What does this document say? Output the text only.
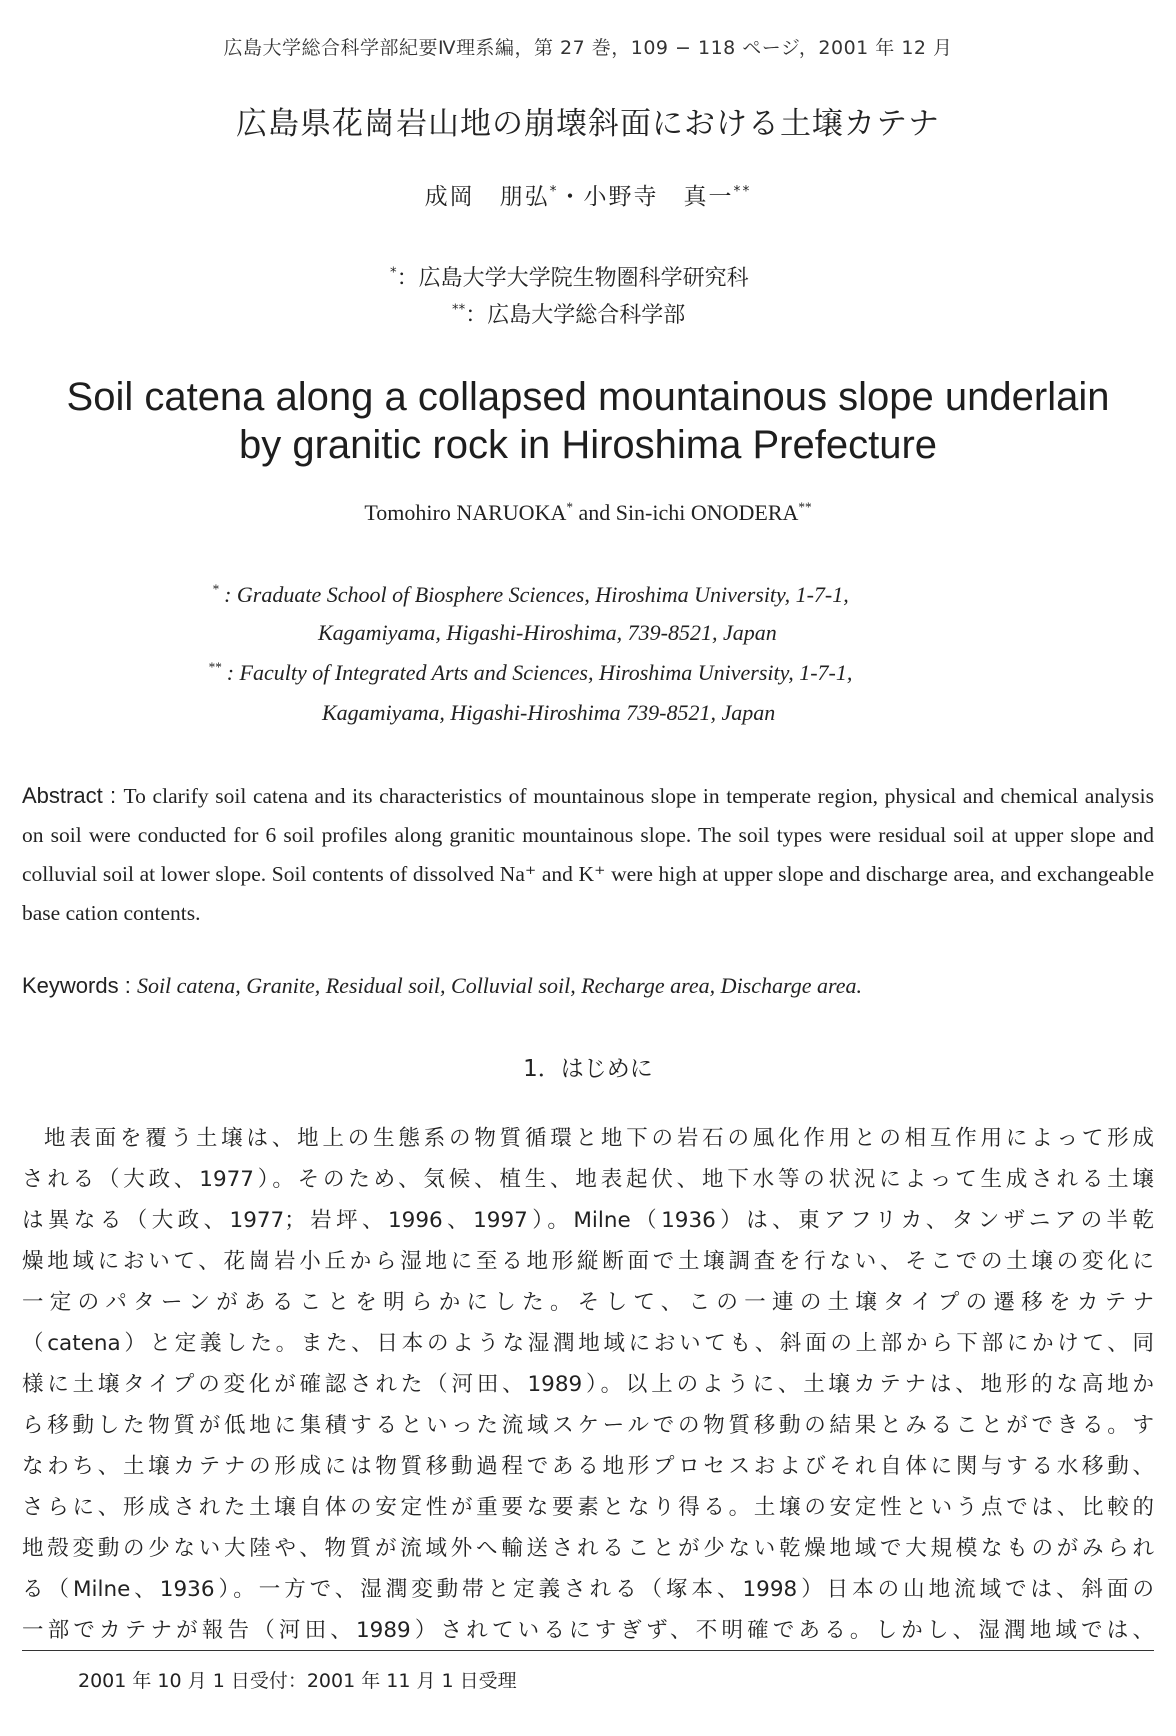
広島大学総合科学部紀要Ⅳ理系編，第 27 巻，109 − 118 ページ，2001 年 12 月
広島県花崗岩山地の崩壊斜面における土壌カテナ
成岡　朋弘*・小野寺　真一**
*：広島大学大学院生物圏科学研究科
**：広島大学総合科学部
Soil catena along a collapsed mountainous slope underlain
by granitic rock in Hiroshima Prefecture
Tomohiro NARUOKA* and Sin-ichi ONODERA**
* : Graduate School of Biosphere Sciences, Hiroshima University, 1-7-1,
Kagamiyama, Higashi-Hiroshima, 739-8521, Japan
** : Faculty of Integrated Arts and Sciences, Hiroshima University, 1-7-1,
Kagamiyama, Higashi-Hiroshima 739-8521, Japan
Abstract : To clarify soil catena and its characteristics of mountainous slope in temperate region, physical and chemical analysis on soil were conducted for 6 soil profiles along granitic mountainous slope. The soil types were residual soil at upper slope and colluvial soil at lower slope. Soil contents of dissolved Na⁺ and K⁺ were high at upper slope and discharge area, and exchangeable base cation contents.
Keywords : Soil catena, Granite, Residual soil, Colluvial soil, Recharge area, Discharge area.
1．はじめに
地表面を覆う土壌は、地上の生態系の物質循環と地下の岩石の風化作用との相互作用によって形成
される（大政、1977）。そのため、気候、植生、地表起伏、地下水等の状況によって生成される土壌
は異なる（大政、1977；岩坪、1996、1997）。Milne（1936）は、東アフリカ、タンザニアの半乾
燥地域において、花崗岩小丘から湿地に至る地形縦断面で土壌調査を行ない、そこでの土壌の変化に
一定のパターンがあることを明らかにした。そして、この一連の土壌タイプの遷移をカテナ
（catena）と定義した。また、日本のような湿潤地域においても、斜面の上部から下部にかけて、同
様に土壌タイプの変化が確認された（河田、1989）。以上のように、土壌カテナは、地形的な高地か
ら移動した物質が低地に集積するといった流域スケールでの物質移動の結果とみることができる。す
なわち、土壌カテナの形成には物質移動過程である地形プロセスおよびそれ自体に関与する水移動、
さらに、形成された土壌自体の安定性が重要な要素となり得る。土壌の安定性という点では、比較的
地殻変動の少ない大陸や、物質が流域外へ輸送されることが少ない乾燥地域で大規模なものがみられ
る（Milne、1936）。一方で、湿潤変動帯と定義される（塚本、1998）日本の山地流域では、斜面の
一部でカテナが報告（河田、1989）されているにすぎず、不明確である。しかし、湿潤地域では、
2001 年 10 月 1 日受付：2001 年 11 月 1 日受理
